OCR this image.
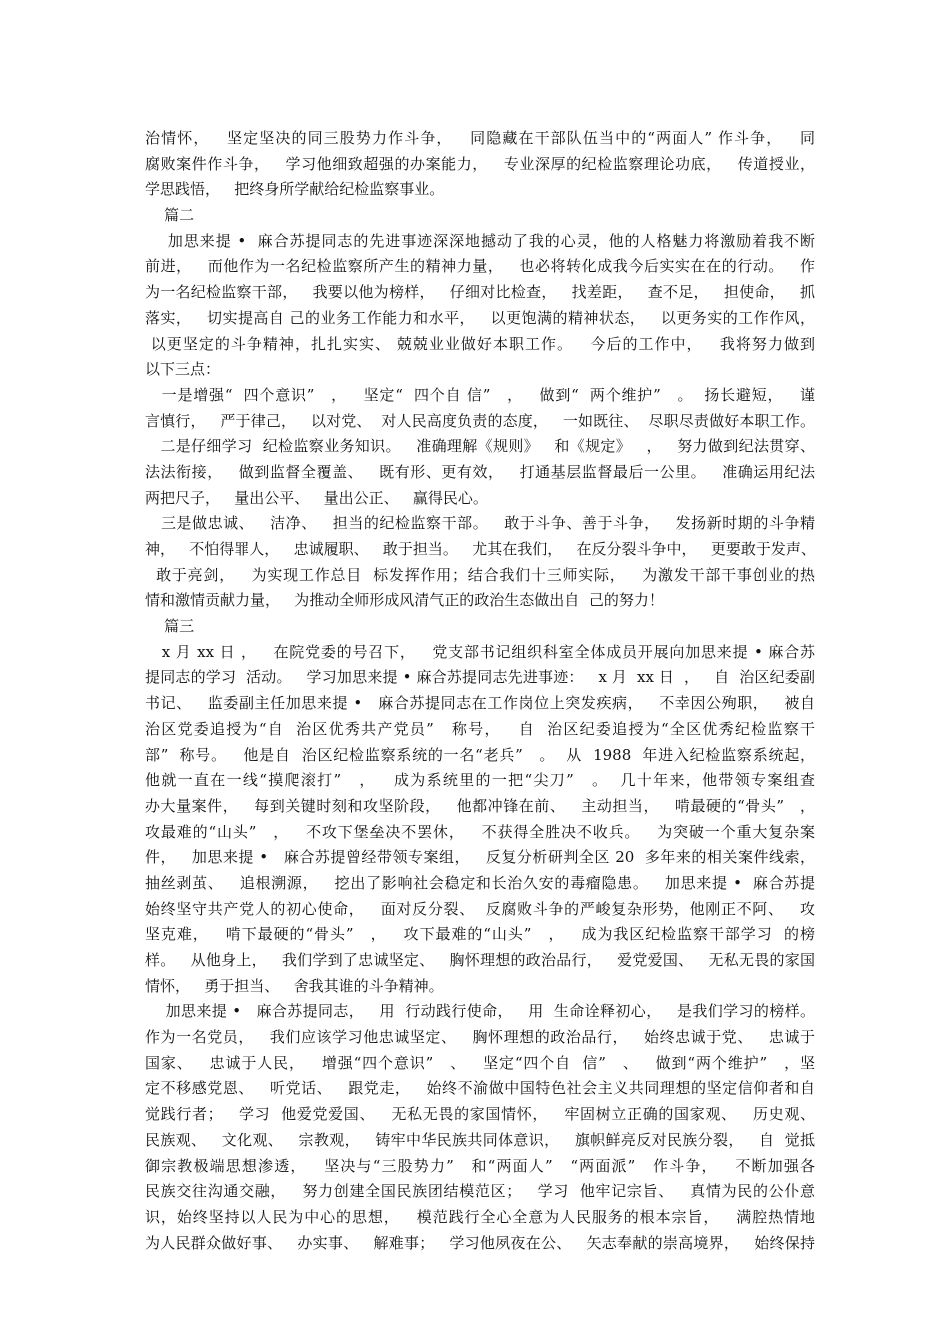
治情怀，   坚定坚决的同三股势力作斗争，   同隐藏在干部队伍当中的“两面人” 作斗争，   同
腐败案件作斗争，   学习他细致超强的办案能力，   专业深厚的纪检监察理论功底，   传道授业，
学思践悟，   把终身所学献给纪检监察事业。
篇二
加思来提 •  麻合苏提同志的先进事迹深深地撼动了我的心灵，他的人格魅力将激励着我不断
前进，   而他作为一名纪检监察所产生的精神力量，   也必将转化成我今后实实在在的行动。   作
为一名纪检监察干部，   我要以他为榜样，   仔细对比检查，   找差距，   查不足，   担使命，   抓
落实，   切实提高自 己的业务工作能力和水平，   以更饱满的精神状态，   以更务实的工作作风，
以更坚定的斗争精神，扎扎实实、 兢兢业业做好本职工作。   今后的工作中，   我将努力做到
以下三点：
一是增强“  四个意识”   ，   坚定“  四个自 信”   ，   做到“  两个维护”   。  扬长避短，   谨
言慎行，   严于律己，   以对党、  对人民高度负责的态度，   一如既往、  尽职尽责做好本职工作。
二是仔细学习  纪检监察业务知识。   准确理解《规则》   和《规定》   ，   努力做到纪法贯穿、
法法衔接，   做到监督全覆盖、   既有形、更有效，   打通基层监督最后一公里。   准确运用纪法
两把尺子，   量出公平、   量出公正、   赢得民心。
三是做忠诚、   洁净、   担当的纪检监察干部。   敢于斗争、善于斗争，   发扬新时期的斗争精
神，   不怕得罪人，   忠诚履职、   敢于担当。   尤其在我们，   在反分裂斗争中，   更要敢于发声、
敢于亮剑，   为实现工作总目  标发挥作用；结合我们十三师实际，   为激发干部干事创业的热
情和激情贡献力量，   为推动全师形成风清气正的政治生态做出自  己的努力！
篇三
x 月 xx 日 ，   在院党委的号召下，   党支部书记组织科室全体成员开展向加思来提 • 麻合苏
提同志的学习  活动。   学习加思来提 • 麻合苏提同志先进事迹：   x 月  xx 日  ，   自  治区纪委副
书记、   监委副主任加思来提 •   麻合苏提同志在工作岗位上突发疾病，   不幸因公殉职，   被自
治区党委追授为“自  治区优秀共产党员”   称号，   自  治区纪委追授为“全区优秀纪检监察干
部”  称号。   他是自  治区纪检监察系统的一名“老兵”   。  从  1988  年进入纪检监察系统起，
他就一直在一线“摸爬滚打”   ，   成为系统里的一把“尖刀”   。  几十年来，他带领专案组查
办大量案件，   每到关键时刻和攻坚阶段，   他都冲锋在前、   主动担当，   啃最硬的“骨头”   ，
攻最难的“山头”   ，   不攻下堡垒决不罢休，   不获得全胜决不收兵。   为突破一个重大复杂案
件，   加思来提 •   麻合苏提曾经带领专案组，   反复分析研判全区 20  多年来的相关案件线索，
抽丝剥茧、   追根溯源，   挖出了影响社会稳定和长治久安的毒瘤隐患。   加思来提 •  麻合苏提
始终坚守共产党人的初心使命，   面对反分裂、  反腐败斗争的严峻复杂形势，他刚正不阿、   攻
坚克难，   啃下最硬的“骨头”   ，   攻下最难的“山头”   ，   成为我区纪检监察干部学习  的榜
样。   从他身上，   我们学到了忠诚坚定、   胸怀理想的政治品行，   爱党爱国、   无私无畏的家国
情怀，   勇于担当、   舍我其谁的斗争精神。
加思来提 •   麻合苏提同志，   用  行动践行使命，   用  生命诠释初心，   是我们学习的榜样。
作为一名党员，   我们应该学习他忠诚坚定、   胸怀理想的政治品行，   始终忠诚于党、   忠诚于
国家、   忠诚于人民，   增强“四个意识”   、   坚定“四个自  信”   、   做到“两个维护”   ，坚
定不移感党恩、   听党话、   跟党走，   始终不渝做中国特色社会主义共同理想的坚定信仰者和自
觉践行者；   学习  他爱党爱国、   无私无畏的家国情怀，   牢固树立正确的国家观、   历史观、
民族观、   文化观、   宗教观，   铸牢中华民族共同体意识，   旗帜鲜亮反对民族分裂，   自  觉抵
御宗教极端思想渗透，   坚决与“三股势力”   和“两面人”   “两面派”   作斗争，   不断加强各
民族交往沟通交融，   努力创建全国民族团结模范区；   学习  他牢记宗旨、   真情为民的公仆意
识，始终坚持以人民为中心的思想，   模范践行全心全意为人民服务的根本宗旨，   满腔热情地
为人民群众做好事、   办实事、   解难事；   学习他夙夜在公、   矢志奉献的崇高境界，   始终保持
